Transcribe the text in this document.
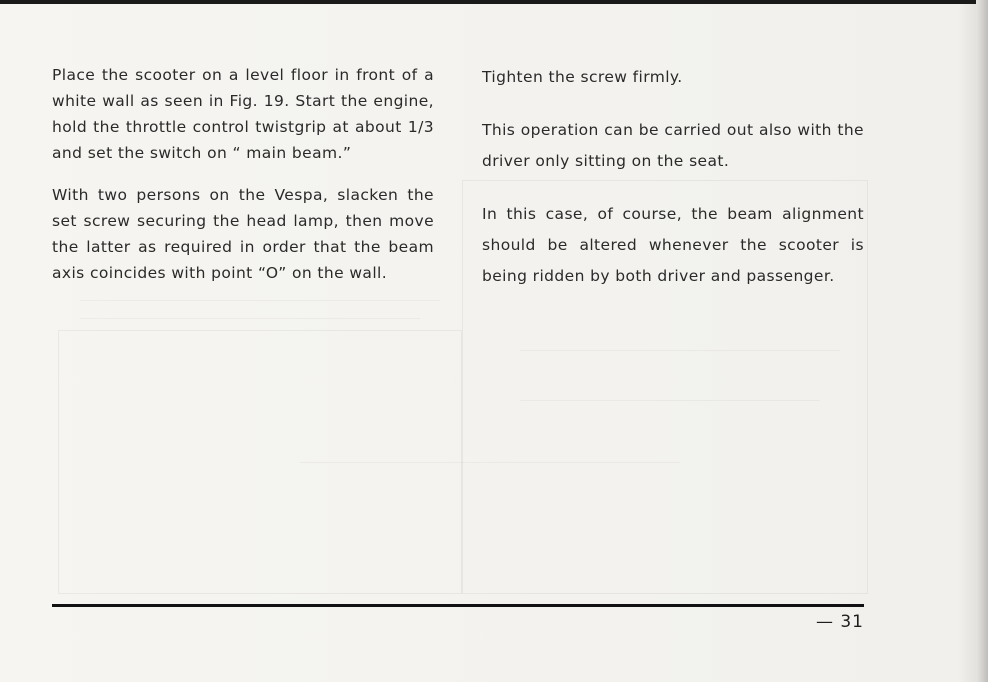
Place the scooter on a level floor in front of a white wall as seen in Fig. 19. Start the engine, hold the throttle control twistgrip at about 1/3 and set the switch on “ main beam.”

With two persons on the Vespa, slacken the set screw securing the head lamp, then move the latter as required in order that the beam axis coincides with point “O” on the wall.

Tighten the screw firmly.

This operation can be carried out also with the driver only sitting on the seat.

In this case, of course, the beam alignment should be altered whenever the scooter is being ridden by both driver and passenger.

— 31
